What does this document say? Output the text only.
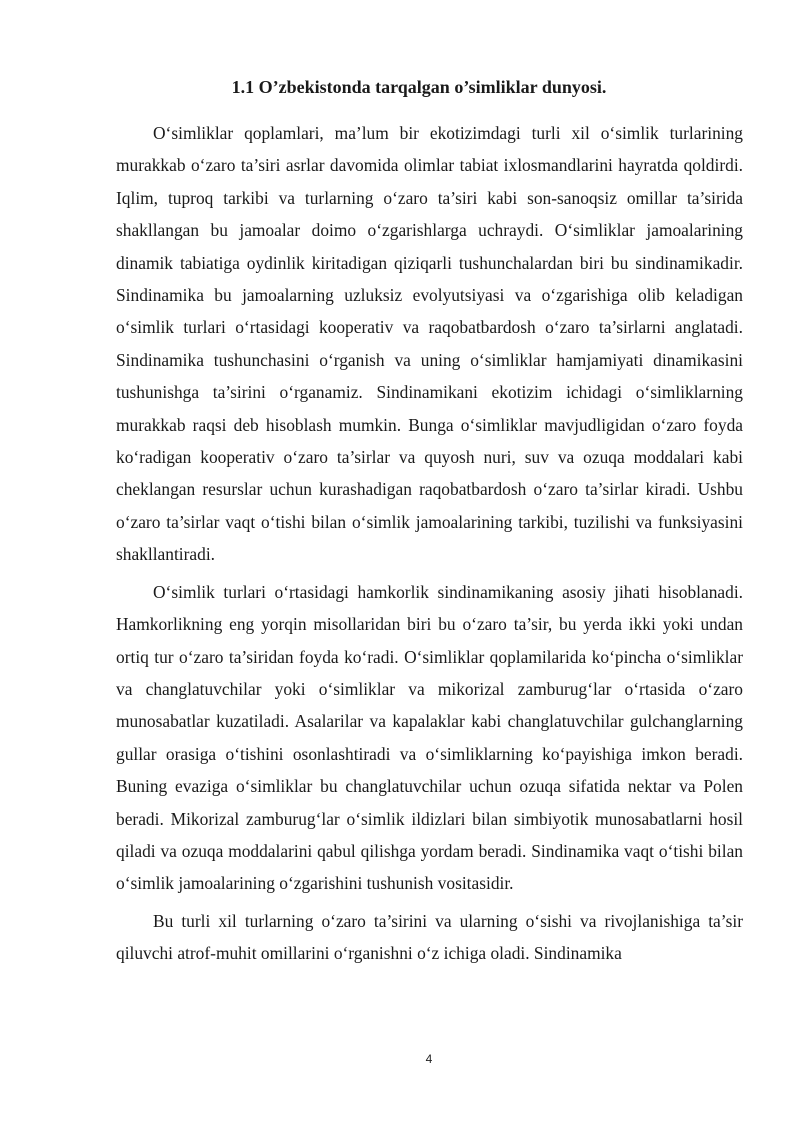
1.1 O’zbekistonda tarqalgan o’simliklar dunyosi.

O‘simliklar qoplamlari, ma’lum bir ekotizimdagi turli xil o‘simlik turlarining murakkab o‘zaro ta’siri asrlar davomida olimlar tabiat ixlosmandlarini hayratda qoldirdi. Iqlim, tuproq tarkibi va turlarning o‘zaro ta’siri kabi son-sanoqsiz omillar ta’sirida shakllangan bu jamoalar doimo o‘zgarishlarga uchraydi. O‘simliklar jamoalarining dinamik tabiatiga oydinlik kiritadigan qiziqarli tushunchalardan biri bu sindinamikadir. Sindinamika bu jamoalarning uzluksiz evolyutsiyasi va o‘zgarishiga olib keladigan o‘simlik turlari o‘rtasidagi kooperativ va raqobatbardosh o‘zaro ta’sirlarni anglatadi. Sindinamika tushunchasini o‘rganish va uning o‘simliklar hamjamiyati dinamikasini tushunishga ta’sirini o‘rganamiz. Sindinamikani ekotizim ichidagi o‘simliklarning murakkab raqsi deb hisoblash mumkin. Bunga o‘simliklar mavjudligidan o‘zaro foyda ko‘radigan kooperativ o‘zaro ta’sirlar va quyosh nuri, suv va ozuqa moddalari kabi cheklangan resurslar uchun kurashadigan raqobatbardosh o‘zaro ta’sirlar kiradi. Ushbu o‘zaro ta’sirlar vaqt o‘tishi bilan o‘simlik jamoalarining tarkibi, tuzilishi va funksiyasini shakllantiradi.

O‘simlik turlari o‘rtasidagi hamkorlik sindinamikaning asosiy jihati hisoblanadi. Hamkorlikning eng yorqin misollaridan biri bu o‘zaro ta’sir, bu yerda ikki yoki undan ortiq tur o‘zaro ta’siridan foyda ko‘radi. O‘simliklar qoplamilarida ko‘pincha o‘simliklar va changlatuvchilar yoki o‘simliklar va mikorizal zamburug‘lar o‘rtasida o‘zaro munosabatlar kuzatiladi. Asalarilar va kapalaklar kabi changlatuvchilar gulchanglarning gullar orasiga o‘tishini osonlashtiradi va o‘simliklarning ko‘payishiga imkon beradi. Buning evaziga o‘simliklar bu changlatuvchilar uchun ozuqa sifatida nektar va Polen beradi. Mikorizal zamburug‘lar o‘simlik ildizlari bilan simbiyotik munosabatlarni hosil qiladi va ozuqa moddalarini qabul qilishga yordam beradi. Sindinamika vaqt o‘tishi bilan o‘simlik jamoalarining o‘zgarishini tushunish vositasidir.

Bu turli xil turlarning o‘zaro ta’sirini va ularning o‘sishi va rivojlanishiga ta’sir qiluvchi atrof-muhit omillarini o‘rganishni o‘z ichiga oladi. Sindinamika

4
